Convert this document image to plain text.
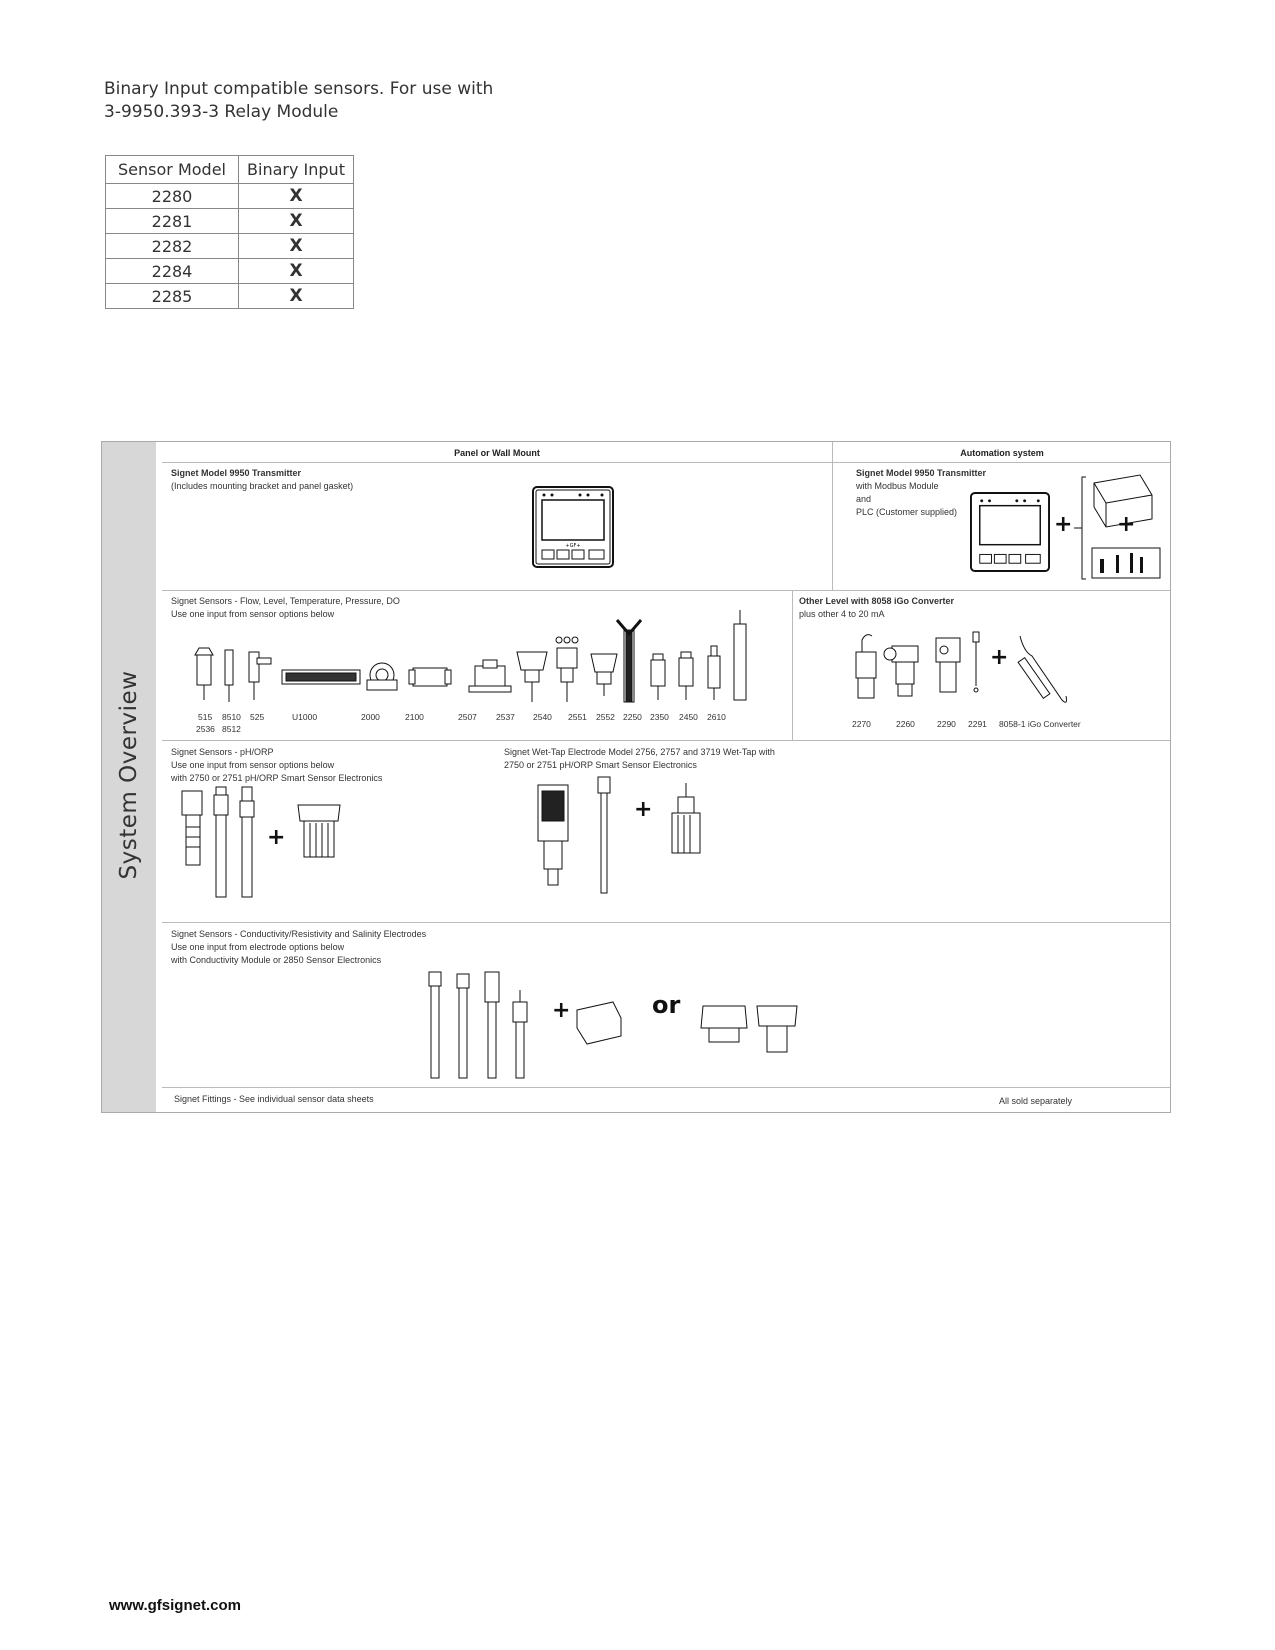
Binary Input compatible sensors. For use with
3-9950.393-3 Relay Module
Sensor Model	Binary Input
2280	X
2281	X
2282	X
2284	X
2285	X
System Overview
Panel or Wall Mount	Automation system
Signet Model 9950 Transmitter
(Includes mounting bracket and panel gasket)
+GF+
Signet Model 9950 Transmitter
with Modbus Module
and
PLC (Customer supplied)	+ +
Signet Sensors - Flow, Level, Temperature, Pressure, DO
Use one input from sensor options below
515
2536
8510
8512
525	U1000	2000	2100	2507 2537 2540 2551 2552 2250 2350 2450 2610
Other Level with 8058 iGo Converter
plus other 4 to 20 mA
+
2270	2260	2290 2291 8058-1 iGo Converter
Signet Sensors - pH/ORP
Use one input from sensor options below
with 2750 or 2751 pH/ORP Smart Sensor Electronics
+
Signet Wet-Tap Electrode Model 2756, 2757 and 3719 Wet-Tap with
2750 or 2751 pH/ORP Smart Sensor Electronics
+
Signet Sensors - Conductivity/Resistivity and Salinity Electrodes
Use one input from electrode options below
with Conductivity Module or 2850 Sensor Electronics
+	or
Signet Fittings - See individual sensor data sheets	All sold separately
www.gfsignet.com
